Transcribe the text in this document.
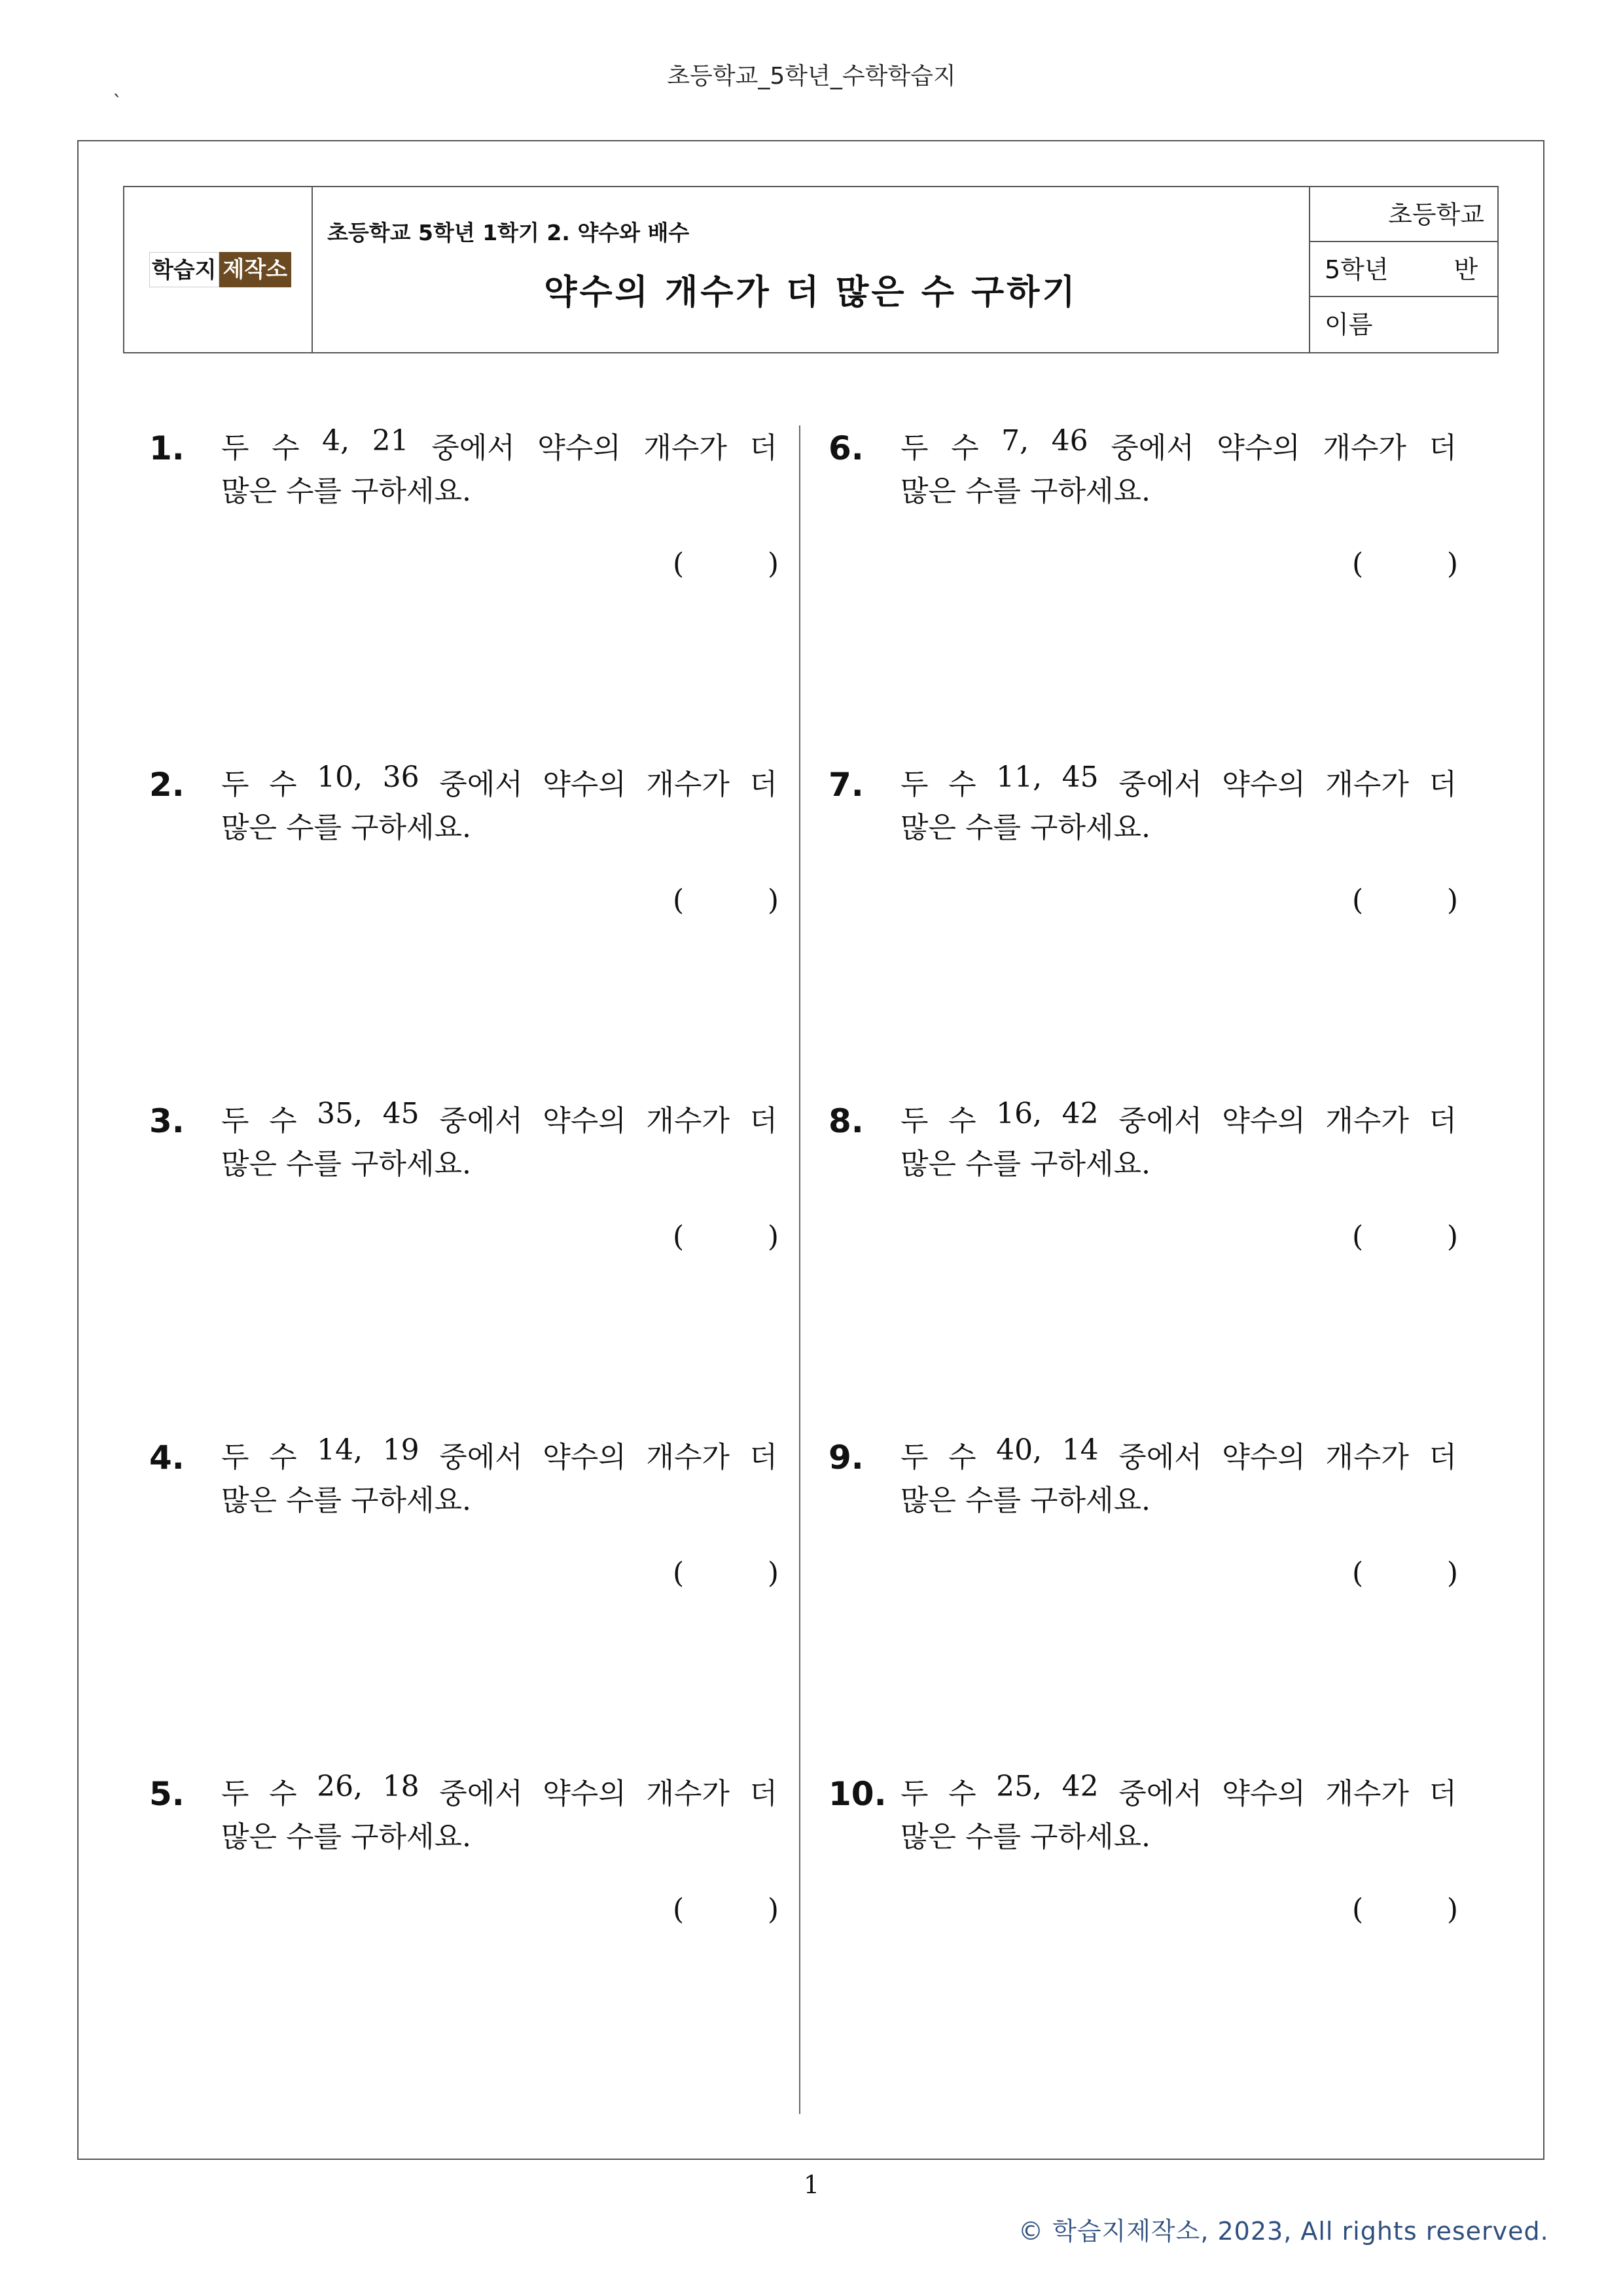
초등학교_5학년_수학학습지
`
학습지 제작소
초등학교 5학년 1학기 2. 약수와 배수
약수의 개수가 더 많은 수 구하기
초등학교
5학년	반
이름
1. 두 수 4, 21 중에서 약수의 개수가 더
많은 수를 구하세요.
(	)
2. 두 수 10, 36 중에서 약수의 개수가 더
많은 수를 구하세요.
(	)
3. 두 수 35, 45 중에서 약수의 개수가 더
많은 수를 구하세요.
(	)
4. 두 수 14, 19 중에서 약수의 개수가 더
많은 수를 구하세요.
(	)
5. 두 수 26, 18 중에서 약수의 개수가 더
많은 수를 구하세요.
(	)
6. 두 수 7, 46 중에서 약수의 개수가 더
많은 수를 구하세요.
(	)
7. 두 수 11, 45 중에서 약수의 개수가 더
많은 수를 구하세요.
(	)
8. 두 수 16, 42 중에서 약수의 개수가 더
많은 수를 구하세요.
(	)
9. 두 수 40, 14 중에서 약수의 개수가 더
많은 수를 구하세요.
(	)
10. 두 수 25, 42 중에서 약수의 개수가 더
많은 수를 구하세요.
(	)
1
© 학습지제작소, 2023, All rights reserved.
